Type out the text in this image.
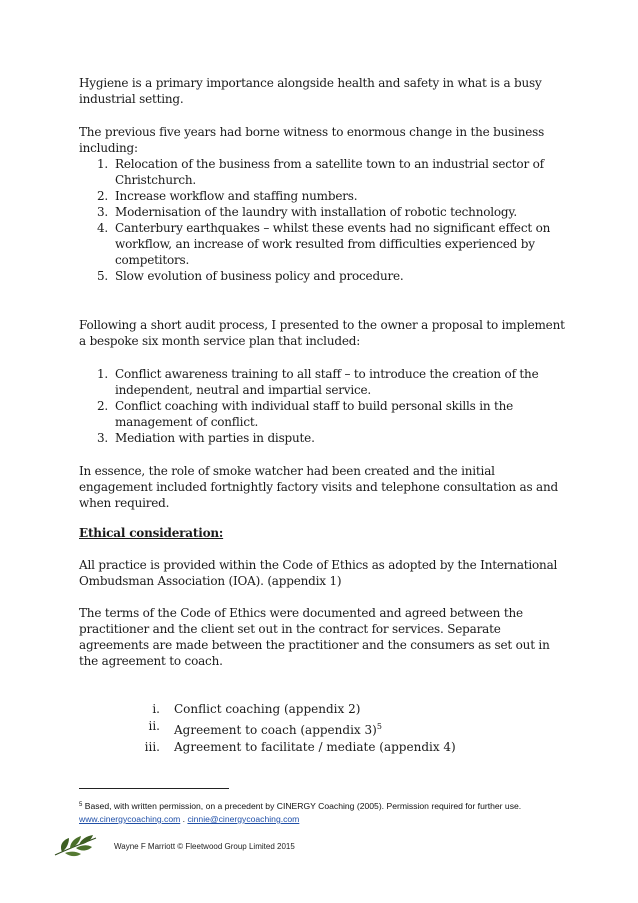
Hygiene is a primary importance alongside health and safety in what is a busy industrial setting.

The previous five years had borne witness to enormous change in the business including:

1. Relocation of the business from a satellite town to an industrial sector of Christchurch.
2. Increase workflow and staffing numbers.
3. Modernisation of the laundry with installation of robotic technology.
4. Canterbury earthquakes – whilst these events had no significant effect on workflow, an increase of work resulted from difficulties experienced by competitors.
5. Slow evolution of business policy and procedure.

Following a short audit process, I presented to the owner a proposal to implement a bespoke six month service plan that included:

1. Conflict awareness training to all staff – to introduce the creation of the independent, neutral and impartial service.
2. Conflict coaching with individual staff to build personal skills in the management of conflict.
3. Mediation with parties in dispute.

In essence, the role of smoke watcher had been created and the initial engagement included fortnightly factory visits and telephone consultation as and when required.

Ethical consideration:

All practice is provided within the Code of Ethics as adopted by the International Ombudsman Association (IOA). (appendix 1)

The terms of the Code of Ethics were documented and agreed between the practitioner and the client set out in the contract for services. Separate agreements are made between the practitioner and the consumers as set out in the agreement to coach.

i. Conflict coaching (appendix 2)
ii. Agreement to coach (appendix 3)$^5$
iii. Agreement to facilitate / mediate (appendix 4)
$^5$ Based, with written permission, on a precedent by CINERGY Coaching (2005). Permission required for further use. www.cinergycoaching.com . cinnie@cinergycoaching.com
Wayne F Marriott © Fleetwood Group Limited 2015
